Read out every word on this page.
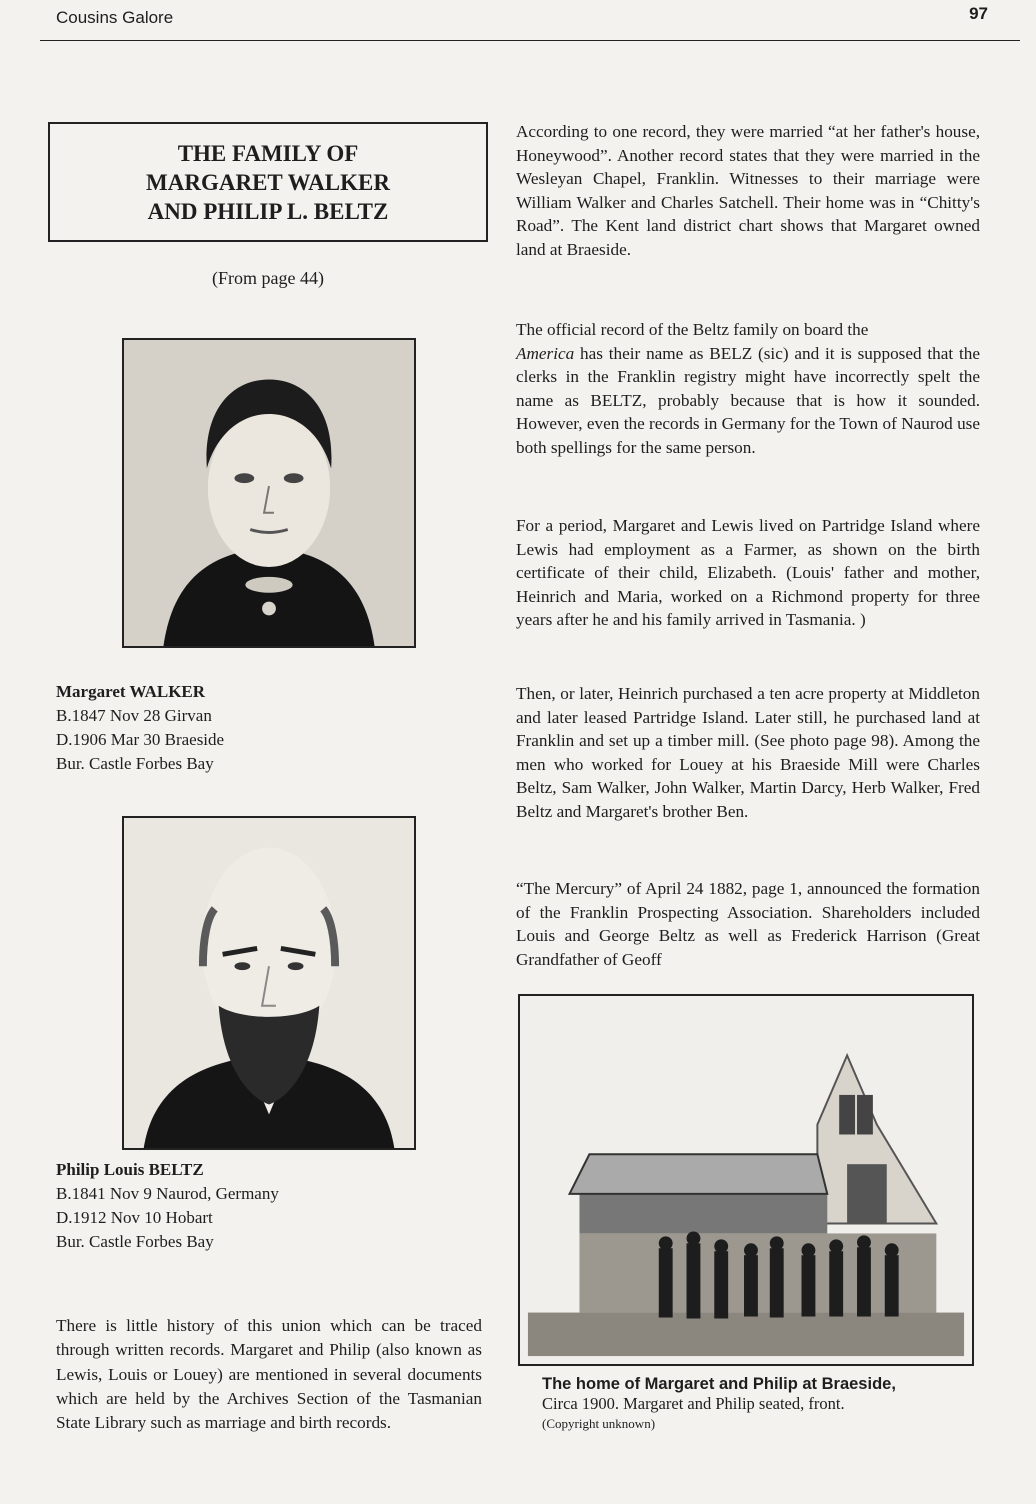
Cousins Galore	97
THE FAMILY OF
MARGARET WALKER
AND PHILIP L. BELTZ
(From page 44)
Margaret WALKER
B.1847 Nov 28 Girvan
D.1906 Mar 30 Braeside
Bur. Castle Forbes Bay
Philip Louis BELTZ
B.1841 Nov 9 Naurod, Germany
D.1912 Nov 10 Hobart
Bur. Castle Forbes Bay
There is little history of this union which can be traced through written records. Margaret and Philip (also known as Lewis, Louis or Louey) are mentioned in several documents which are held by the Archives Section of the Tasmanian State Library such as marriage and birth records.

According to one record, they were married “at her father's house, Honeywood”. Another record states that they were married in the Wesleyan Chapel, Franklin. Witnesses to their marriage were William Walker and Charles Satchell. Their home was in “Chitty's Road”. The Kent land district chart shows that Margaret owned land at Braeside.

The official record of the Beltz family on board the
America has their name as BELZ (sic) and it is supposed that the clerks in the Franklin registry might have incorrectly spelt the name as BELTZ, probably because that is how it sounded. However, even the records in Germany for the Town of Naurod use both spellings for the same person.

For a period, Margaret and Lewis lived on Partridge Island where Lewis had employment as a Farmer, as shown on the birth certificate of their child, Elizabeth. (Louis' father and mother, Heinrich and Maria, worked on a Richmond property for three years after he and his family arrived in Tasmania. )

Then, or later, Heinrich purchased a ten acre property at Middleton and later leased Partridge Island. Later still, he purchased land at Franklin and set up a timber mill. (See photo page 98). Among the men who worked for Louey at his Braeside Mill were Charles Beltz, Sam Walker, John Walker, Martin Darcy, Herb Walker, Fred Beltz and Margaret's brother Ben.

“The Mercury” of April 24 1882, page 1, announced the formation of the Franklin Prospecting Association. Shareholders included Louis and George Beltz as well as Frederick Harrison (Great Grandfather of Geoff

The home of Margaret and Philip at Braeside,
Circa 1900. Margaret and Philip seated, front.
(Copyright unknown)
